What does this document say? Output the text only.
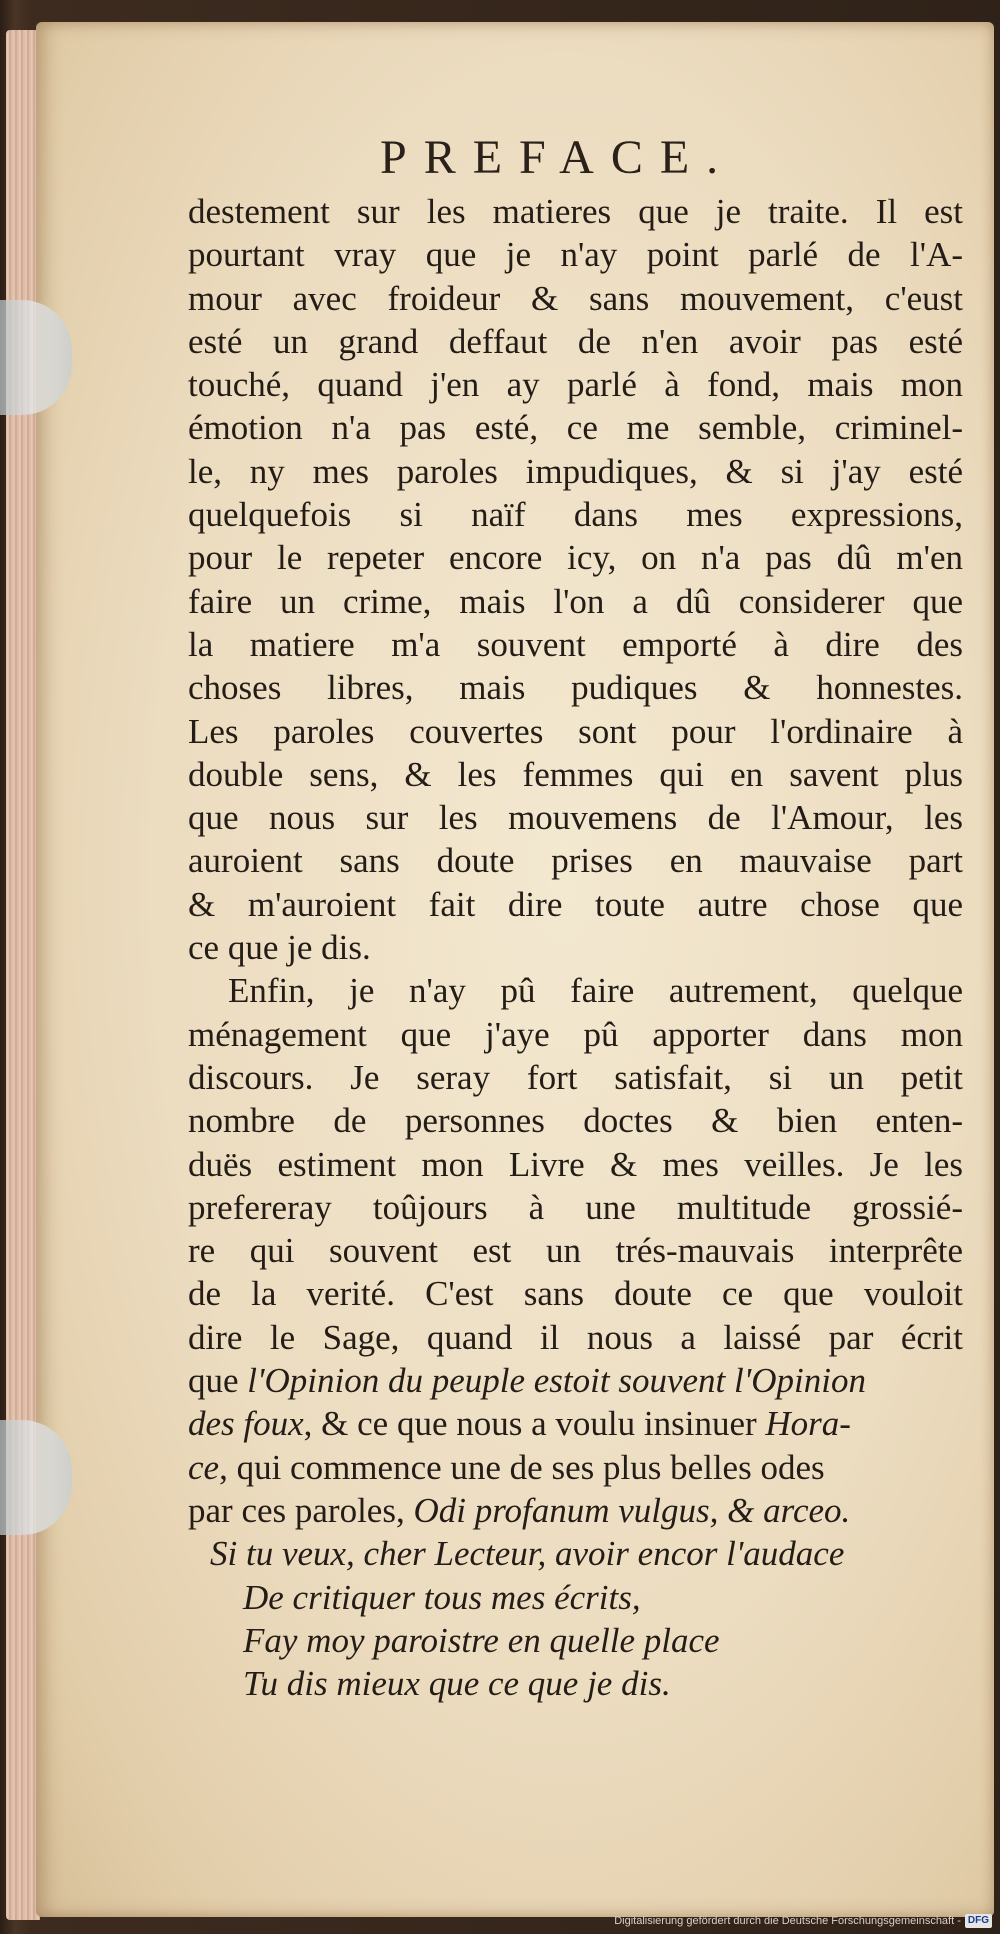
PREFACE.
destement sur les matieres que je traite. Il est
pourtant vray que je n'ay point parlé de l'A-
mour avec froideur & sans mouvement, c'eust
esté un grand deffaut de n'en avoir pas esté
touché, quand j'en ay parlé à fond, mais mon
émotion n'a pas esté, ce me semble, criminel-
le, ny mes paroles impudiques, & si j'ay esté
quelquefois si naïf dans mes expressions,
pour le repeter encore icy, on n'a pas dû m'en
faire un crime, mais l'on a dû considerer que
la matiere m'a souvent emporté à dire des
choses libres, mais pudiques & honnestes.
Les paroles couvertes sont pour l'ordinaire à
double sens, & les femmes qui en savent plus
que nous sur les mouvemens de l'Amour, les
auroient sans doute prises en mauvaise part
& m'auroient fait dire toute autre chose que
ce que je dis.
Enfin, je n'ay pû faire autrement, quelque
ménagement que j'aye pû apporter dans mon
discours. Je seray fort satisfait, si un petit
nombre de personnes doctes & bien enten-
duës estiment mon Livre & mes veilles. Je les
prefereray toûjours à une multitude grossié-
re qui souvent est un trés-mauvais interprête
de la verité. C'est sans doute ce que vouloit
dire le Sage, quand il nous a laissé par écrit
que l'Opinion du peuple estoit souvent l'Opinion
des foux, & ce que nous a voulu insinuer Hora-
ce, qui commence une de ses plus belles odes
par ces paroles, Odi profanum vulgus, & arceo.
Si tu veux, cher Lecteur, avoir encor l'audace
De critiquer tous mes écrits,
Fay moy paroistre en quelle place
Tu dis mieux que ce que je dis.
Digitalisierung gefördert durch die Deutsche Forschungsgemeinschaft - DFG
